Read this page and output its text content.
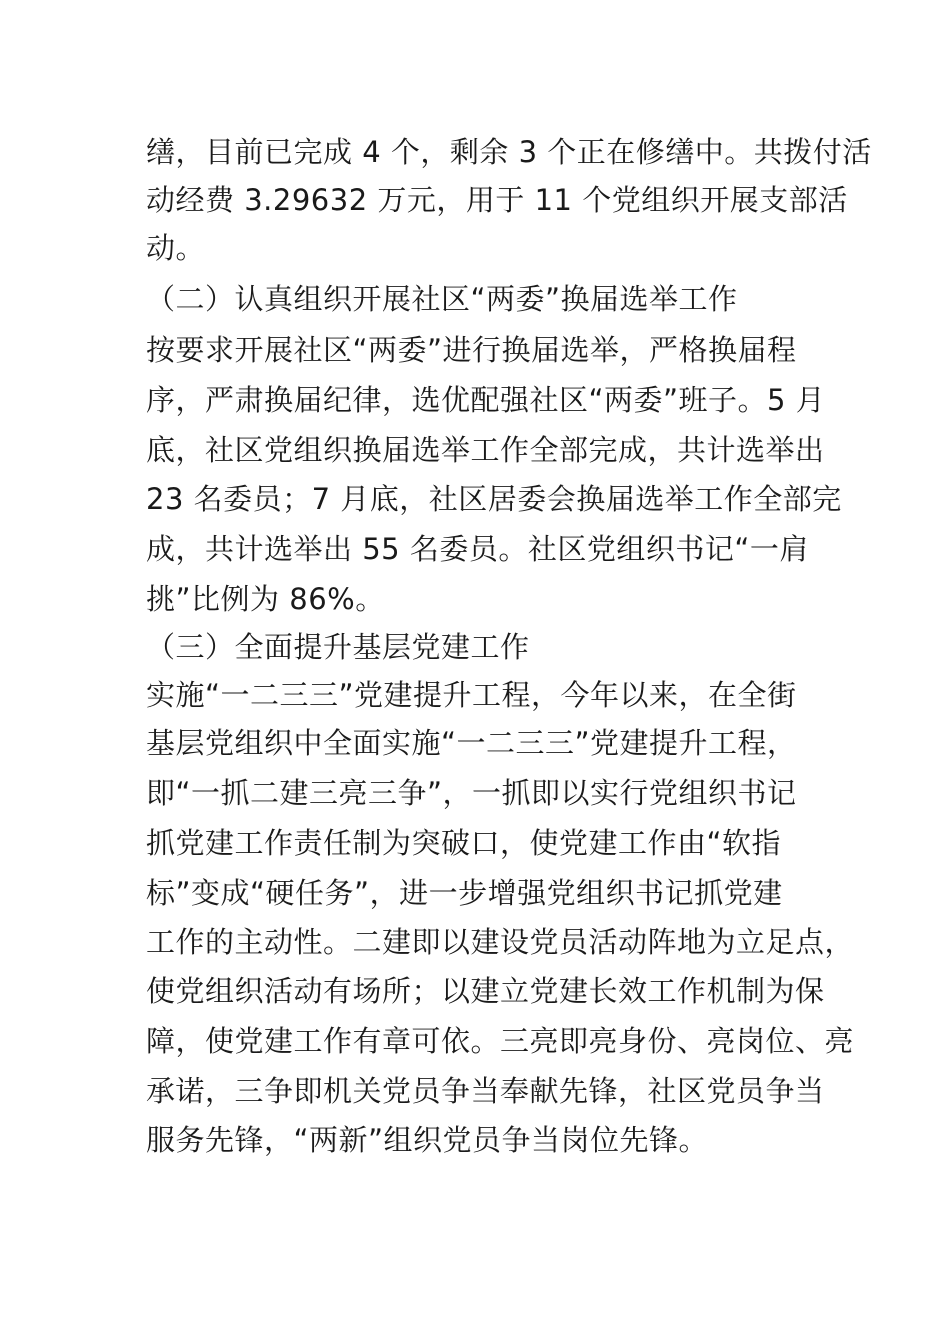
缮，目前已完成 4 个，剩余 3 个正在修缮中。共拨付活
动经费 3.29632 万元，用于 11 个党组织开展支部活
动。
（二）认真组织开展社区“两委”换届选举工作
按要求开展社区“两委”进行换届选举，严格换届程
序，严肃换届纪律，选优配强社区“两委”班子。5 月
底，社区党组织换届选举工作全部完成，共计选举出
23 名委员；7 月底，社区居委会换届选举工作全部完
成，共计选举出 55 名委员。社区党组织书记“一肩
挑”比例为 86%。
（三）全面提升基层党建工作
实施“一二三三”党建提升工程，今年以来，在全街
基层党组织中全面实施“一二三三”党建提升工程，
即“一抓二建三亮三争”，一抓即以实行党组织书记
抓党建工作责任制为突破口，使党建工作由“软指
标”变成“硬任务”，进一步增强党组织书记抓党建
工作的主动性。二建即以建设党员活动阵地为立足点，
使党组织活动有场所；以建立党建长效工作机制为保
障，使党建工作有章可依。三亮即亮身份、亮岗位、亮
承诺，三争即机关党员争当奉献先锋，社区党员争当
服务先锋，“两新”组织党员争当岗位先锋。
